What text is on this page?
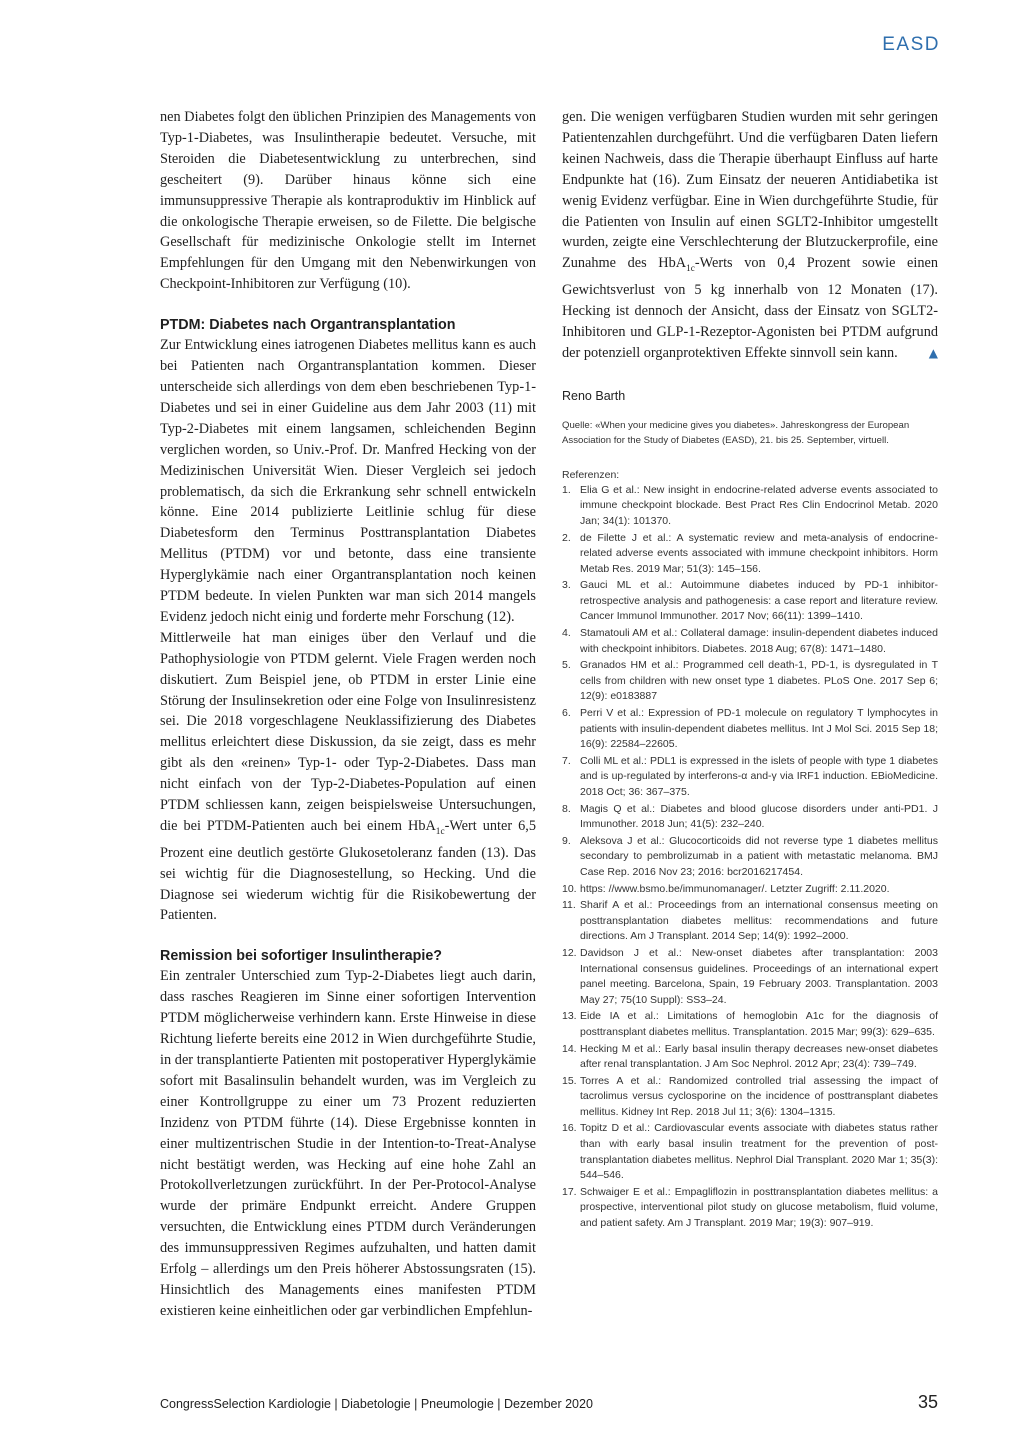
EASD

nen Diabetes folgt den üblichen Prinzipien des Managements von Typ-1-Diabetes, was Insulintherapie bedeutet. Versuche, mit Steroiden die Diabetesentwicklung zu unterbrechen, sind gescheitert (9). Darüber hinaus könne sich eine immunsuppressive Therapie als kontraproduktiv im Hinblick auf die onkologische Therapie erweisen, so de Filette. Die belgische Gesellschaft für medizinische Onkologie stellt im Internet Empfehlungen für den Umgang mit den Nebenwirkungen von Checkpoint-Inhibitoren zur Verfügung (10).

PTDM: Diabetes nach Organtransplantation

Zur Entwicklung eines iatrogenen Diabetes mellitus kann es auch bei Patienten nach Organtransplantation kommen. Dieser unterscheide sich allerdings von dem eben beschriebenen Typ-1-Diabetes und sei in einer Guideline aus dem Jahr 2003 (11) mit Typ-2-Diabetes mit einem langsamen, schleichenden Beginn verglichen worden, so Univ.-Prof. Dr. Manfred Hecking von der Medizinischen Universität Wien. Dieser Vergleich sei jedoch problematisch, da sich die Erkrankung sehr schnell entwickeln könne. Eine 2014 publizierte Leitlinie schlug für diese Diabetesform den Terminus Posttransplantation Diabetes Mellitus (PTDM) vor und betonte, dass eine transiente Hyperglykämie nach einer Organtransplantation noch keinen PTDM bedeute. In vielen Punkten war man sich 2014 mangels Evidenz jedoch nicht einig und forderte mehr Forschung (12).

Mittlerweile hat man einiges über den Verlauf und die Pathophysiologie von PTDM gelernt. Viele Fragen werden noch diskutiert. Zum Beispiel jene, ob PTDM in erster Linie eine Störung der Insulinsekretion oder eine Folge von Insulinresistenz sei. Die 2018 vorgeschlagene Neuklassifizierung des Diabetes mellitus erleichtert diese Diskussion, da sie zeigt, dass es mehr gibt als den «reinen» Typ-1- oder Typ-2-Diabetes. Dass man nicht einfach von der Typ-2-Diabetes-Population auf einen PTDM schliessen kann, zeigen beispielsweise Untersuchungen, die bei PTDM-Patienten auch bei einem HbA$_{1c}$-Wert unter 6,5 Prozent eine deutlich gestörte Glukosetoleranz fanden (13). Das sei wichtig für die Diagnosestellung, so Hecking. Und die Diagnose sei wiederum wichtig für die Risikobewertung der Patienten.

Remission bei sofortiger Insulintherapie?

Ein zentraler Unterschied zum Typ-2-Diabetes liegt auch darin, dass rasches Reagieren im Sinne einer sofortigen Intervention PTDM möglicherweise verhindern kann. Erste Hinweise in diese Richtung lieferte bereits eine 2012 in Wien durchgeführte Studie, in der transplantierte Patienten mit postoperativer Hyperglykämie sofort mit Basalinsulin behandelt wurden, was im Vergleich zu einer Kontrollgruppe zu einer um 73 Prozent reduzierten Inzidenz von PTDM führte (14). Diese Ergebnisse konnten in einer multizentrischen Studie in der Intention-to-Treat-Analyse nicht bestätigt werden, was Hecking auf eine hohe Zahl an Protokollverletzungen zurückführt. In der Per-Protocol-Analyse wurde der primäre Endpunkt erreicht. Andere Gruppen versuchten, die Entwicklung eines PTDM durch Veränderungen des immunsuppressiven Regimes aufzuhalten, und hatten damit Erfolg – allerdings um den Preis höherer Abstossungsraten (15). Hinsichtlich des Managements eines manifesten PTDM existieren keine einheitlichen oder gar verbindlichen Empfehlun-

gen. Die wenigen verfügbaren Studien wurden mit sehr geringen Patientenzahlen durchgeführt. Und die verfügbaren Daten liefern keinen Nachweis, dass die Therapie überhaupt Einfluss auf harte Endpunkte hat (16). Zum Einsatz der neueren Antidiabetika ist wenig Evidenz verfügbar. Eine in Wien durchgeführte Studie, für die Patienten von Insulin auf einen SGLT2-Inhibitor umgestellt wurden, zeigte eine Verschlechterung der Blutzuckerprofile, eine Zunahme des HbA$_{1c}$-Werts von 0,4 Prozent sowie einen Gewichtsverlust von 5 kg innerhalb von 12 Monaten (17). Hecking ist dennoch der Ansicht, dass der Einsatz von SGLT2-Inhibitoren und GLP-1-Rezeptor-Agonisten bei PTDM aufgrund der potenziell organprotektiven Effekte sinnvoll sein kann.	▲

Reno Barth

Quelle: «When your medicine gives you diabetes». Jahreskongress der European Association for the Study of Diabetes (EASD), 21. bis 25. September, virtuell.

Referenzen:

1. Elia G et al.: New insight in endocrine-related adverse events associated to immune checkpoint blockade. Best Pract Res Clin Endocrinol Metab. 2020 Jan; 34(1): 101370.
2. de Filette J et al.: A systematic review and meta-analysis of endocrine-related adverse events associated with immune checkpoint inhibitors. Horm Metab Res. 2019 Mar; 51(3): 145–156.
3. Gauci ML et al.: Autoimmune diabetes induced by PD-1 inhibitor-retrospective analysis and pathogenesis: a case report and literature review. Cancer Immunol Immunother. 2017 Nov; 66(11): 1399–1410.
4. Stamatouli AM et al.: Collateral damage: insulin-dependent diabetes induced with checkpoint inhibitors. Diabetes. 2018 Aug; 67(8): 1471–1480.
5. Granados HM et al.: Programmed cell death-1, PD-1, is dysregulated in T cells from children with new onset type 1 diabetes. PLoS One. 2017 Sep 6; 12(9): e0183887
6. Perri V et al.: Expression of PD-1 molecule on regulatory T lymphocytes in patients with insulin-dependent diabetes mellitus. Int J Mol Sci. 2015 Sep 18; 16(9): 22584–22605.
7. Colli ML et al.: PDL1 is expressed in the islets of people with type 1 diabetes and is up-regulated by interferons-α and-γ via IRF1 induction. EBioMedicine. 2018 Oct; 36: 367–375.
8. Magis Q et al.: Diabetes and blood glucose disorders under anti-PD1. J Immunother. 2018 Jun; 41(5): 232–240.
9. Aleksova J et al.: Glucocorticoids did not reverse type 1 diabetes mellitus secondary to pembrolizumab in a patient with metastatic melanoma. BMJ Case Rep. 2016 Nov 23; 2016: bcr2016217454.
10. https: //www.bsmo.be/immunomanager/. Letzter Zugriff: 2.11.2020.
11. Sharif A et al.: Proceedings from an international consensus meeting on posttransplantation diabetes mellitus: recommendations and future directions. Am J Transplant. 2014 Sep; 14(9): 1992–2000.
12. Davidson J et al.: New-onset diabetes after transplantation: 2003 International consensus guidelines. Proceedings of an international expert panel meeting. Barcelona, Spain, 19 February 2003. Transplantation. 2003 May 27; 75(10 Suppl): SS3–24.
13. Eide IA et al.: Limitations of hemoglobin A1c for the diagnosis of posttransplant diabetes mellitus. Transplantation. 2015 Mar; 99(3): 629–635.
14. Hecking M et al.: Early basal insulin therapy decreases new-onset diabetes after renal transplantation. J Am Soc Nephrol. 2012 Apr; 23(4): 739–749.
15. Torres A et al.: Randomized controlled trial assessing the impact of tacrolimus versus cyclosporine on the incidence of posttransplant diabetes mellitus. Kidney Int Rep. 2018 Jul 11; 3(6): 1304–1315.
16. Topitz D et al.: Cardiovascular events associate with diabetes status rather than with early basal insulin treatment for the prevention of post-transplantation diabetes mellitus. Nephrol Dial Transplant. 2020 Mar 1; 35(3): 544–546.
17. Schwaiger E et al.: Empagliflozin in posttransplantation diabetes mellitus: a prospective, interventional pilot study on glucose metabolism, fluid volume, and patient safety. Am J Transplant. 2019 Mar; 19(3): 907–919.
CongressSelection Kardiologie | Diabetologie | Pneumologie | Dezember 2020	35
